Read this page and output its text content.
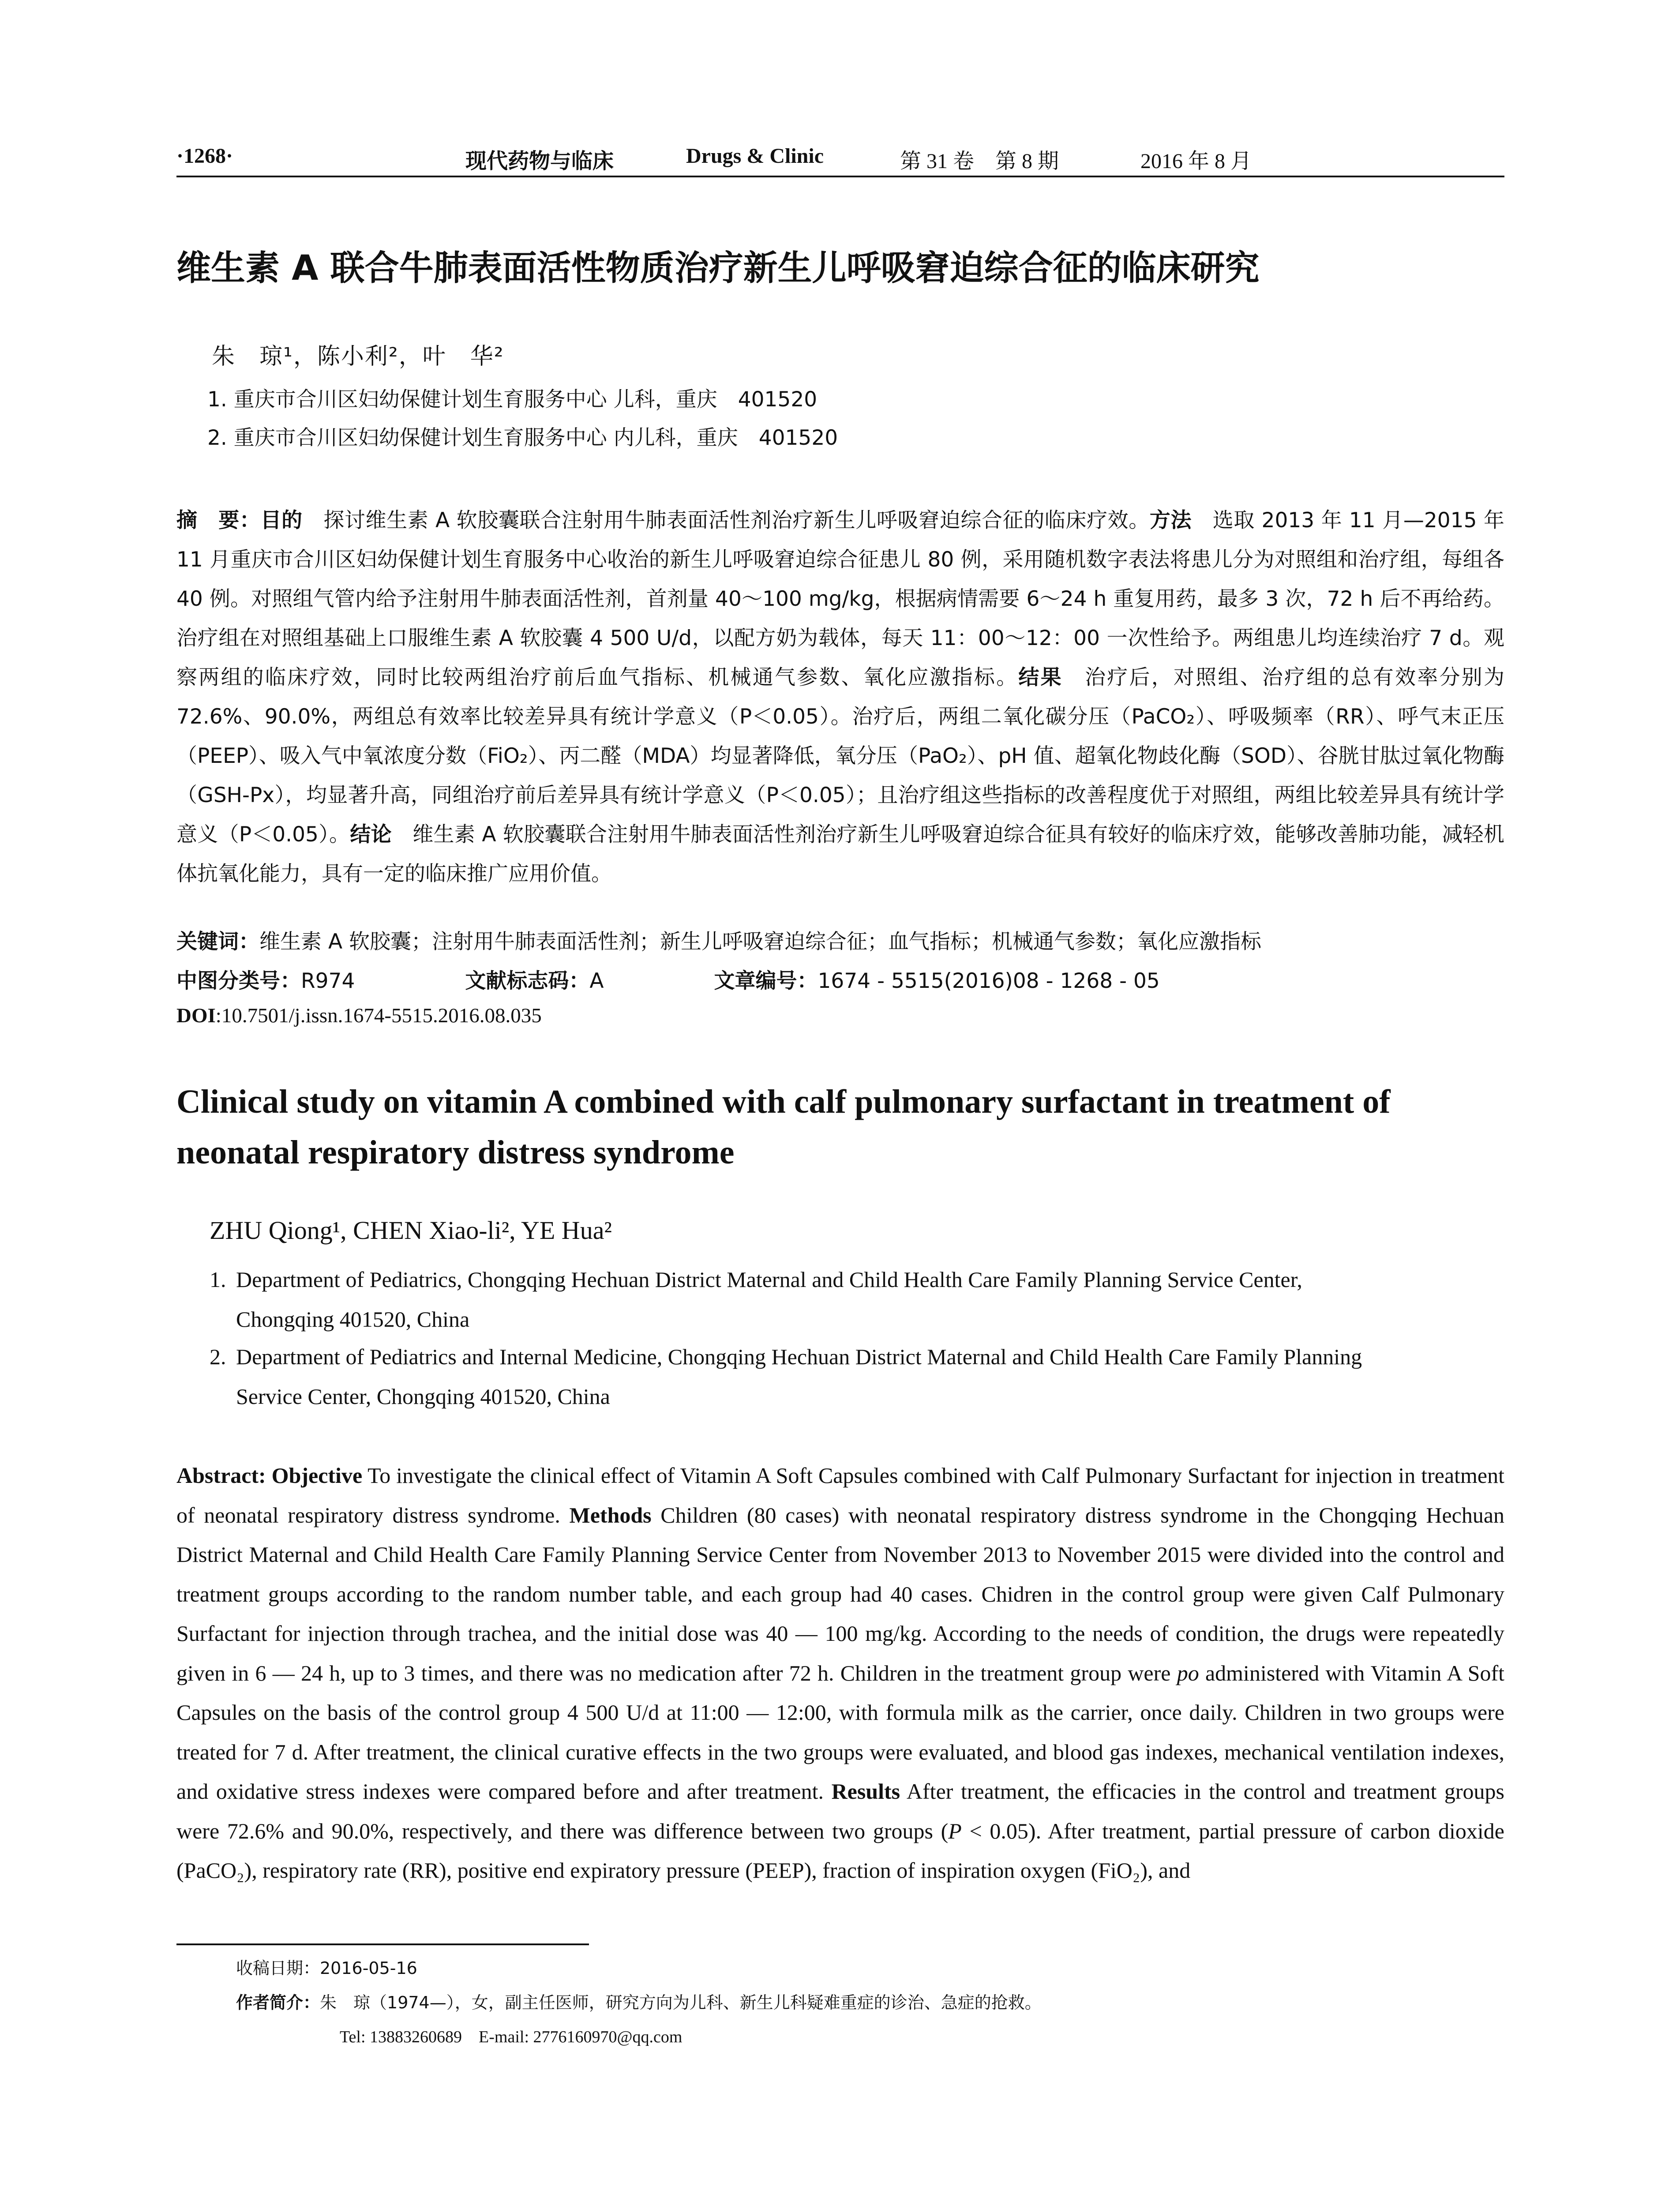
·1268·	现代药物与临床	Drugs & Clinic	第 31 卷　第 8 期	2016 年 8 月
维生素 A 联合牛肺表面活性物质治疗新生儿呼吸窘迫综合征的临床研究
朱　琼¹，陈小利²，叶　华²
1. 重庆市合川区妇幼保健计划生育服务中心 儿科，重庆　401520
2. 重庆市合川区妇幼保健计划生育服务中心 内儿科，重庆　401520
摘　要：目的　探讨维生素 A 软胶囊联合注射用牛肺表面活性剂治疗新生儿呼吸窘迫综合征的临床疗效。方法　选取 2013 年 11 月—2015 年 11 月重庆市合川区妇幼保健计划生育服务中心收治的新生儿呼吸窘迫综合征患儿 80 例，采用随机数字表法将患儿分为对照组和治疗组，每组各 40 例。对照组气管内给予注射用牛肺表面活性剂，首剂量 40～100 mg/kg，根据病情需要 6～24 h 重复用药，最多 3 次，72 h 后不再给药。治疗组在对照组基础上口服维生素 A 软胶囊 4 500 U/d，以配方奶为载体，每天 11：00～12：00 一次性给予。两组患儿均连续治疗 7 d。观察两组的临床疗效，同时比较两组治疗前后血气指标、机械通气参数、氧化应激指标。结果　治疗后，对照组、治疗组的总有效率分别为 72.6%、90.0%，两组总有效率比较差异具有统计学意义（P＜0.05）。治疗后，两组二氧化碳分压（PaCO₂）、呼吸频率（RR）、呼气末正压（PEEP）、吸入气中氧浓度分数（FiO₂）、丙二醛（MDA）均显著降低，氧分压（PaO₂）、pH 值、超氧化物歧化酶（SOD）、谷胱甘肽过氧化物酶（GSH-Px），均显著升高，同组治疗前后差异具有统计学意义（P＜0.05）；且治疗组这些指标的改善程度优于对照组，两组比较差异具有统计学意义（P＜0.05）。结论　维生素 A 软胶囊联合注射用牛肺表面活性剂治疗新生儿呼吸窘迫综合征具有较好的临床疗效，能够改善肺功能，减轻机体抗氧化能力，具有一定的临床推广应用价值。
关键词：维生素 A 软胶囊；注射用牛肺表面活性剂；新生儿呼吸窘迫综合征；血气指标；机械通气参数；氧化应激指标
中图分类号：R974	文献标志码：A	文章编号：1674 - 5515(2016)08 - 1268 - 05
DOI:10.7501/j.issn.1674-5515.2016.08.035
Clinical study on vitamin A combined with calf pulmonary surfactant in treatment of neonatal respiratory distress syndrome
ZHU Qiong¹, CHEN Xiao-li², YE Hua²
1. Department of Pediatrics, Chongqing Hechuan District Maternal and Child Health Care Family Planning Service Center,
Chongqing 401520, China
2. Department of Pediatrics and Internal Medicine, Chongqing Hechuan District Maternal and Child Health Care Family Planning
Service Center, Chongqing 401520, China
Abstract: Objective To investigate the clinical effect of Vitamin A Soft Capsules combined with Calf Pulmonary Surfactant for injection in treatment of neonatal respiratory distress syndrome. Methods Children (80 cases) with neonatal respiratory distress syndrome in the Chongqing Hechuan District Maternal and Child Health Care Family Planning Service Center from November 2013 to November 2015 were divided into the control and treatment groups according to the random number table, and each group had 40 cases. Chidren in the control group were given Calf Pulmonary Surfactant for injection through trachea, and the initial dose was 40 — 100 mg/kg. According to the needs of condition, the drugs were repeatedly given in 6 — 24 h, up to 3 times, and there was no medication after 72 h. Children in the treatment group were po administered with Vitamin A Soft Capsules on the basis of the control group 4 500 U/d at 11:00 — 12:00, with formula milk as the carrier, once daily. Children in two groups were treated for 7 d. After treatment, the clinical curative effects in the two groups were evaluated, and blood gas indexes, mechanical ventilation indexes, and oxidative stress indexes were compared before and after treatment. Results After treatment, the efficacies in the control and treatment groups were 72.6% and 90.0%, respectively, and there was difference between two groups (P < 0.05). After treatment, partial pressure of carbon dioxide (PaCO₂), respiratory rate (RR), positive end expiratory pressure (PEEP), fraction of inspiration oxygen (FiO₂), and
收稿日期：2016-05-16
作者简介：朱　琼（1974—），女，副主任医师，研究方向为儿科、新生儿科疑难重症的诊治、急症的抢救。
Tel: 13883260689　E-mail: 2776160970@qq.com
